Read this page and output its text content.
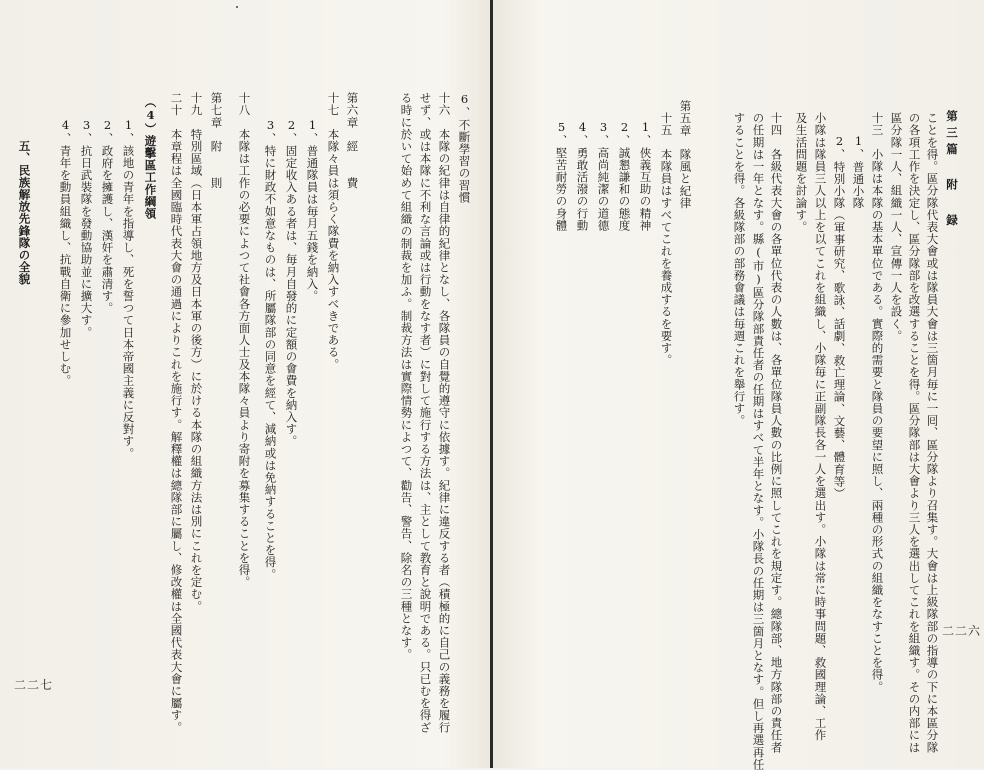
第三篇 附 録
二二六
ことを得。區分隊代表大會或は隊員大會は三箇月毎に一囘、區分隊より召集す。大會は上級隊部の指導の下に本區分隊
の各項工作を決定し、區分隊部を改選することを得。區分隊部は大會より三人を選出してこれを組織す。その内部には
區分隊一人、組織一人、宣傳一人を設く。
十三　小隊は本隊の基本單位である。實際的需要と隊員の要望に照し、兩種の形式の組織をなすことを得。
1、普通小隊
2、特別小隊（軍事研究、歌詠、話劇、救亡理論、文藝、體育等）
小隊は隊員三人以上を以てこれを組織し、小隊毎に正副隊長各一人を選出す。小隊は常に時事問題、救國理論、工作
及生活問題を討論す。
十四　各級代表大會の各單位代表の人數は、各單位隊員人數の比例に照してこれを規定す。總隊部、地方隊部の責任者
の任期は一年となす。縣(市)區分隊部責任者の任期はすべて半年となす。小隊長の任期は三箇月となす。但し再選再任
することを得。各級隊部の部務會議は毎週これを舉行す。
第五章　隊風と紀律
十五　本隊員はすべてこれを養成するを要す。
1、俠義互助の精神
2、誠懇謙和の態度
3、高尚純潔の道德
4、勇敢活潑の行動
5、堅苦耐勞の身體
二二七
6、不斷學習の習慣
十六　本隊の紀律は自律的紀律となし、各隊員の自覺的遵守に依據す。紀律に違反する者（積極的に自己の義務を履行
せず、或は本隊に不利な言論或は行動をなす者）に對して施行する方法は、主として教育と說明である。只已むを得ざ
る時に於いて始めて組織の制裁を加ふ。制裁方法は實際情勢によつて、勸告、警告、除名の三種となす。
第六章　經　　費
十七　本隊々員は須らく隊費を納入すべきである。
1、普通隊員は毎月五錢を納入。
2、固定收入ある者は、毎月自發的に定額の會費を納入す。
3、特に財政不如意なものは、所屬隊部の同意を經て、減納或は免納することを得。
十八　本隊は工作の必要によつて社會各方面人士及本隊々員より寄附を募集することを得。
第七章　附　　則
十九　特別區域（日本軍占領地方及日本軍の後方）に於ける本隊の組織方法は別にこれを定む。
二十　本章程は全國臨時代表大會の通過によりこれを施行す。解釋權は總隊部に屬し、修改權は全國代表大會に屬す。
（4）遊擊區工作綱領
1、該地の青年を指導し、死を誓つて日本帝國主義に反對す。
2、政府を擁護し、漢奸を肅清す。
3、抗日武裝隊を發動協助並に擴大す。
4、青年を動員組織し、抗戰自衛に參加せしむ。
五、民族解放先鋒隊の全貌
